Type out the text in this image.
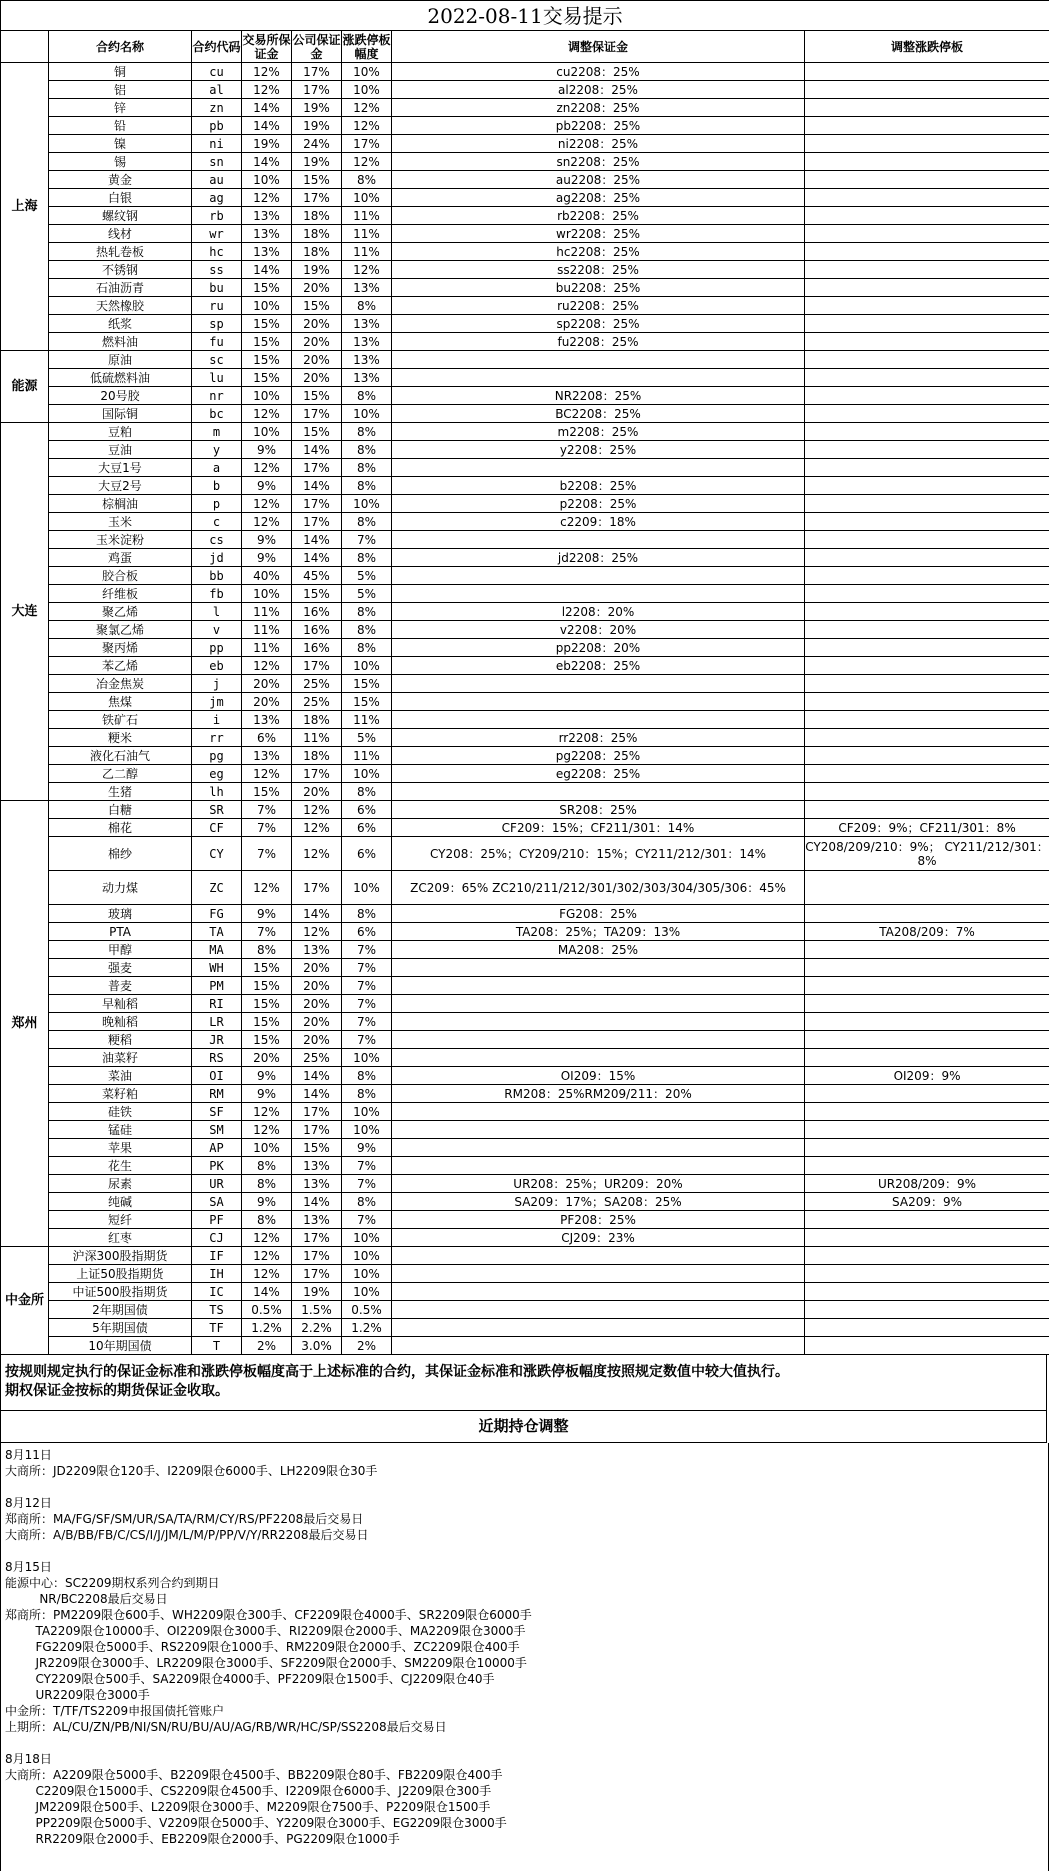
2022-08-11交易提示							
	合约名称	合约代码	交易所保证金	公司保证金	涨跌停板幅度	调整保证金	调整涨跌停板
上海	铜	cu	12%	17%	10%	cu2208：25%	
	铝	al	12%	17%	10%	al2208：25%	
	锌	zn	14%	19%	12%	zn2208：25%	
	铅	pb	14%	19%	12%	pb2208：25%	
	镍	ni	19%	24%	17%	ni2208：25%	
	锡	sn	14%	19%	12%	sn2208：25%	
	黄金	au	10%	15%	8%	au2208：25%	
	白银	ag	12%	17%	10%	ag2208：25%	
	螺纹钢	rb	13%	18%	11%	rb2208：25%	
	线材	wr	13%	18%	11%	wr2208：25%	
	热轧卷板	hc	13%	18%	11%	hc2208：25%	
	不锈钢	ss	14%	19%	12%	ss2208：25%	
	石油沥青	bu	15%	20%	13%	bu2208：25%	
	天然橡胶	ru	10%	15%	8%	ru2208：25%	
	纸浆	sp	15%	20%	13%	sp2208：25%	
	燃料油	fu	15%	20%	13%	fu2208：25%	
能源	原油	sc	15%	20%	13%		
	低硫燃料油	lu	15%	20%	13%		
	20号胶	nr	10%	15%	8%	NR2208：25%	
	国际铜	bc	12%	17%	10%	BC2208：25%	
大连	豆粕	m	10%	15%	8%	m2208：25%	
	豆油	y	9%	14%	8%	y2208：25%	
	大豆1号	a	12%	17%	8%		
	大豆2号	b	9%	14%	8%	b2208：25%	
	棕榈油	p	12%	17%	10%	p2208：25%	
	玉米	c	12%	17%	8%	c2209：18%	
	玉米淀粉	cs	9%	14%	7%		
	鸡蛋	jd	9%	14%	8%	jd2208：25%	
	胶合板	bb	40%	45%	5%		
	纤维板	fb	10%	15%	5%		
	聚乙烯	l	11%	16%	8%	l2208：20%	
	聚氯乙烯	v	11%	16%	8%	v2208：20%	
	聚丙烯	pp	11%	16%	8%	pp2208：20%	
	苯乙烯	eb	12%	17%	10%	eb2208：25%	
	冶金焦炭	j	20%	25%	15%		
	焦煤	jm	20%	25%	15%		
	铁矿石	i	13%	18%	11%		
	粳米	rr	6%	11%	5%	rr2208：25%	
	液化石油气	pg	13%	18%	11%	pg2208：25%	
	乙二醇	eg	12%	17%	10%	eg2208：25%	
	生猪	lh	15%	20%	8%		
郑州	白糖	SR	7%	12%	6%	SR208：25%	
	棉花	CF	7%	12%	6%	CF209：15%；CF211/301：14%	CF209：9%；CF211/301：8%
	棉纱	CY	7%	12%	6%	CY208：25%；CY209/210：15%；CY211/212/301：14%	CY208/209/210：9%； CY211/212/301：8%
	动力煤	ZC	12%	17%	10%	ZC209：65% ZC210/211/212/301/302/303/304/305/306：45%	
	玻璃	FG	9%	14%	8%	FG208：25%	
	PTA	TA	7%	12%	6%	TA208：25%；TA209：13%	TA208/209：7%
	甲醇	MA	8%	13%	7%	MA208：25%	
	强麦	WH	15%	20%	7%		
	普麦	PM	15%	20%	7%		
	早籼稻	RI	15%	20%	7%		
	晚籼稻	LR	15%	20%	7%		
	粳稻	JR	15%	20%	7%		
	油菜籽	RS	20%	25%	10%		
	菜油	OI	9%	14%	8%	OI209：15%	OI209：9%
	菜籽粕	RM	9%	14%	8%	RM208：25%RM209/211：20%	
	硅铁	SF	12%	17%	10%		
	锰硅	SM	12%	17%	10%		
	苹果	AP	10%	15%	9%		
	花生	PK	8%	13%	7%		
	尿素	UR	8%	13%	7%	UR208：25%；UR209：20%	UR208/209：9%
	纯碱	SA	9%	14%	8%	SA209：17%；SA208：25%	SA209：9%
	短纤	PF	8%	13%	7%	PF208：25%	
	红枣	CJ	12%	17%	10%	CJ209：23%	
中金所	沪深300股指期货	IF	12%	17%	10%		
	上证50股指期货	IH	12%	17%	10%		
	中证500股指期货	IC	14%	19%	10%		
	2年期国债	TS	0.5%	1.5%	0.5%		
	5年期国债	TF	1.2%	2.2%	1.2%		
	10年期国债	T	2%	3.0%	2%		
按规则规定执行的保证金标准和涨跌停板幅度高于上述标准的合约，其保证金标准和涨跌停板幅度按照规定数值中较大值执行。
期权保证金按标的期货保证金收取。
近期持仓调整
8月11日
大商所：JD2209限仓120手、I2209限仓6000手、LH2209限仓30手
8月12日
郑商所：MA/FG/SF/SM/UR/SA/TA/RM/CY/RS/PF2208最后交易日
大商所：A/B/BB/FB/C/CS/I/J/JM/L/M/P/PP/V/Y/RR2208最后交易日
8月15日
能源中心：SC2209期权系列合约到期日
NR/BC2208最后交易日
郑商所：PM2209限仓600手、WH2209限仓300手、CF2209限仓4000手、SR2209限仓6000手
TA2209限仓10000手、OI2209限仓3000手、RI2209限仓2000手、MA2209限仓3000手
FG2209限仓5000手、RS2209限仓1000手、RM2209限仓2000手、ZC2209限仓400手
JR2209限仓3000手、LR2209限仓3000手、SF2209限仓2000手、SM2209限仓10000手
CY2209限仓500手、SA2209限仓4000手、PF2209限仓1500手、CJ2209限仓40手
UR2209限仓3000手
中金所：T/TF/TS2209申报国债托管账户
上期所：AL/CU/ZN/PB/NI/SN/RU/BU/AU/AG/RB/WR/HC/SP/SS2208最后交易日
8月18日
大商所：A2209限仓5000手、B2209限仓4500手、BB2209限仓80手、FB2209限仓400手
C2209限仓15000手、CS2209限仓4500手、I2209限仓6000手、J2209限仓300手
JM2209限仓500手、L2209限仓3000手、M2209限仓7500手、P2209限仓1500手
PP2209限仓5000手、V2209限仓5000手、Y2209限仓3000手、EG2209限仓3000手
RR2209限仓2000手、EB2209限仓2000手、PG2209限仓1000手
